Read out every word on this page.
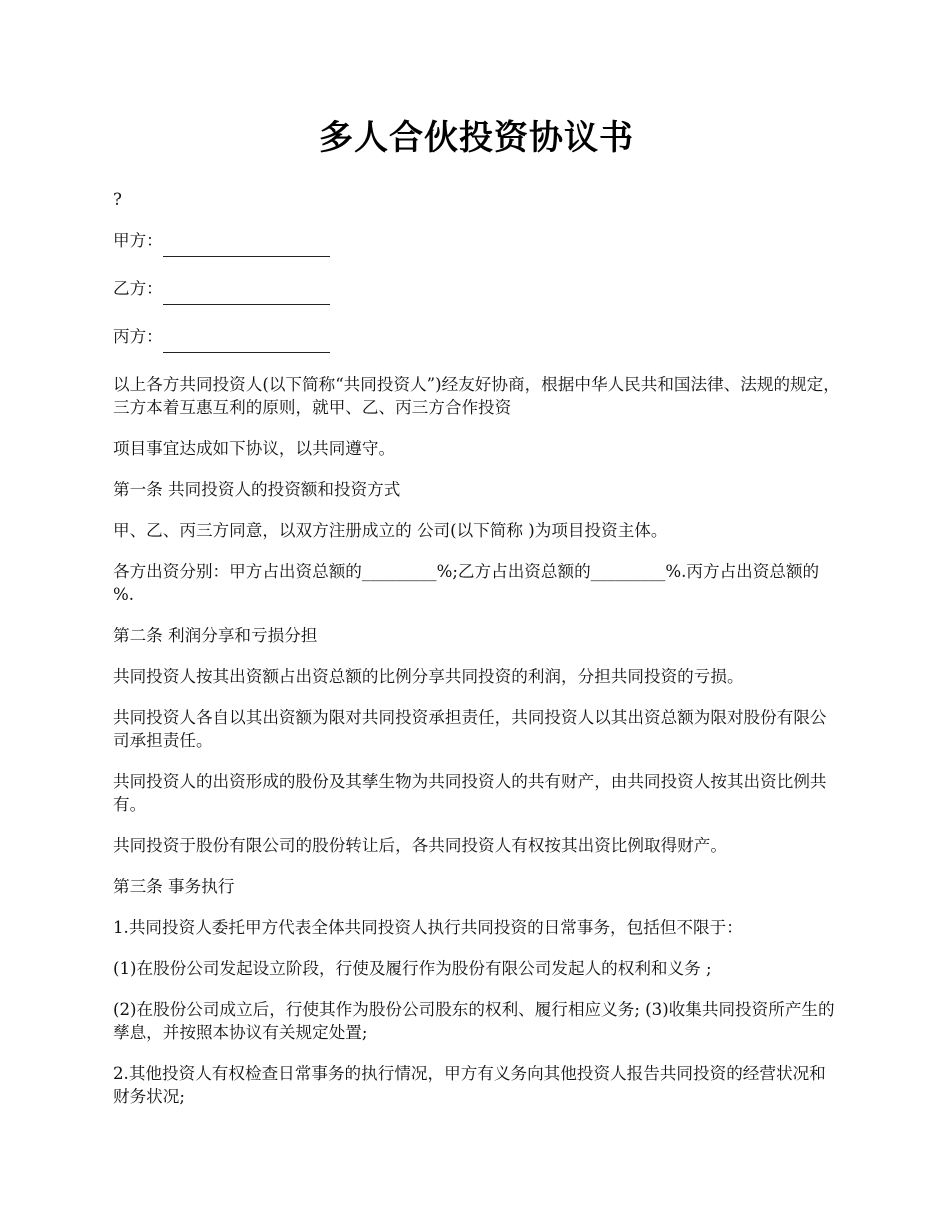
多人合伙投资协议书

?

甲方：

乙方：

丙方：

以上各方共同投资人(以下简称“共同投资人”)经友好协商，根据中华人民共和国法律、法规的规定，三方本着互惠互利的原则，就甲、乙、丙三方合作投资

项目事宜达成如下协议，以共同遵守。

第一条 共同投资人的投资额和投资方式

甲、乙、丙三方同意，以双方注册成立的 公司(以下简称 )为项目投资主体。

各方出资分别：甲方占出资总额的_________%;乙方占出资总额的_________%.丙方占出资总额的 %.

第二条 利润分享和亏损分担

共同投资人按其出资额占出资总额的比例分享共同投资的利润，分担共同投资的亏损。

共同投资人各自以其出资额为限对共同投资承担责任，共同投资人以其出资总额为限对股份有限公司承担责任。

共同投资人的出资形成的股份及其孳生物为共同投资人的共有财产，由共同投资人按其出资比例共有。

共同投资于股份有限公司的股份转让后，各共同投资人有权按其出资比例取得财产。

第三条 事务执行

1.共同投资人委托甲方代表全体共同投资人执行共同投资的日常事务，包括但不限于：

(1)在股份公司发起设立阶段，行使及履行作为股份有限公司发起人的权利和义务 ;

(2)在股份公司成立后，行使其作为股份公司股东的权利、履行相应义务; (3)收集共同投资所产生的孳息，并按照本协议有关规定处置;

2.其他投资人有权检查日常事务的执行情况，甲方有义务向其他投资人报告共同投资的经营状况和财务状况;
